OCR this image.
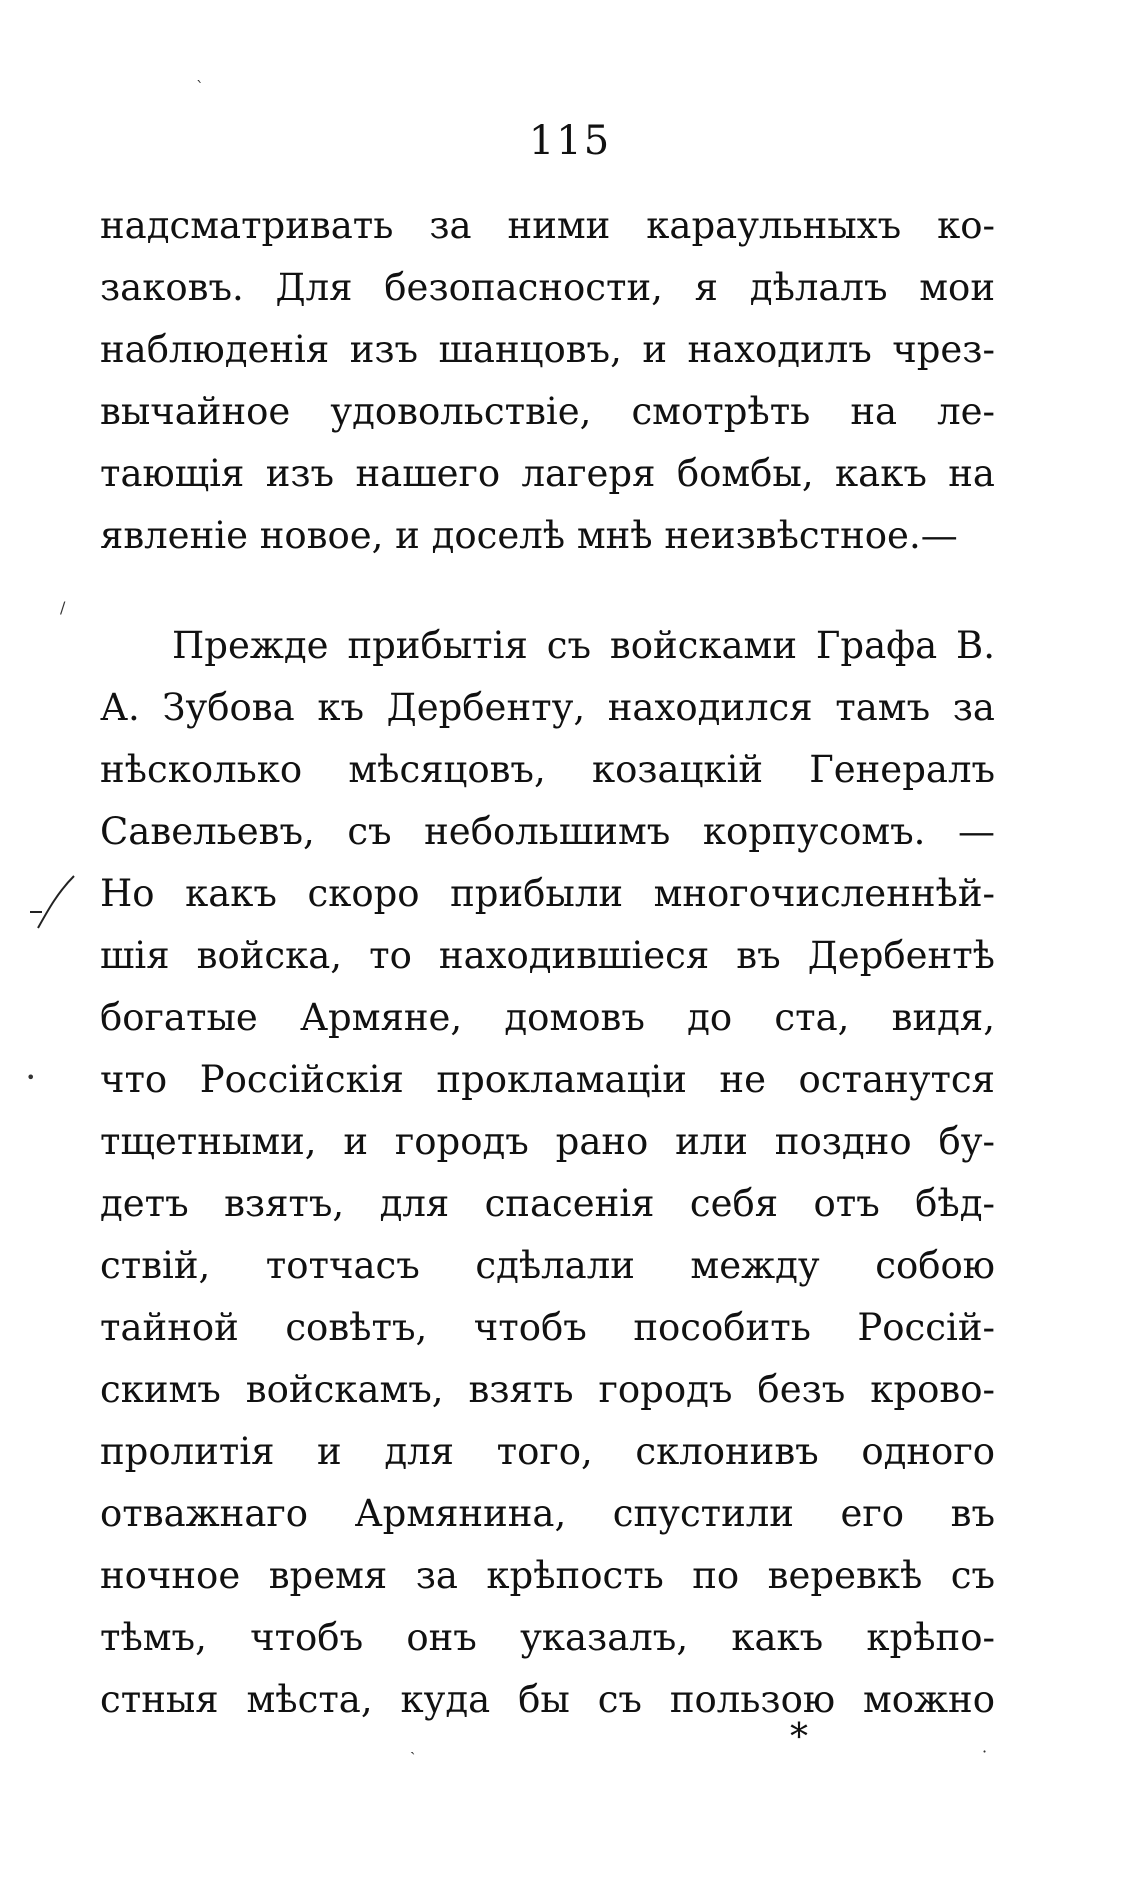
115
надсматривать за ними караульныхъ ко-
заковъ. Для безопасности, я дѣлалъ мои
наблюденія изъ шанцовъ, и находилъ чрез-
вычайное удовольствіе, смотрѣть на ле-
тающія изъ нашего лагеря бомбы, какъ на
явленіе новое, и доселѣ мнѣ неизвѣстное.—
Прежде прибытія съ войсками Графа В.
А. Зубова къ Дербенту, находился тамъ за
нѣсколько мѣсяцовъ, козацкій Генералъ
Савельевъ, съ небольшимъ корпусомъ. —
Но какъ скоро прибыли многочисленнѣй-
шія войска, то находившіеся въ Дербентѣ
богатые Армяне, домовъ до ста, видя,
что Россійскія прокламаціи не останутся
тщетными, и городъ рано или поздно бу-
детъ взятъ, для спасенія себя отъ бѣд-
ствій, тотчасъ сдѣлали между собою
тайной совѣтъ, чтобъ пособить Россій-
скимъ войскамъ, взять городъ безъ крово-
пролитія и для того, склонивъ одного
отважнаго Армянина, спустили его въ
ночное время за крѣпость по веревкѣ съ
тѣмъ, чтобъ онъ указалъ, какъ крѣпо-
стныя мѣста, куда бы съ пользою можно
*
ˋ
/
•
·
ˏ
